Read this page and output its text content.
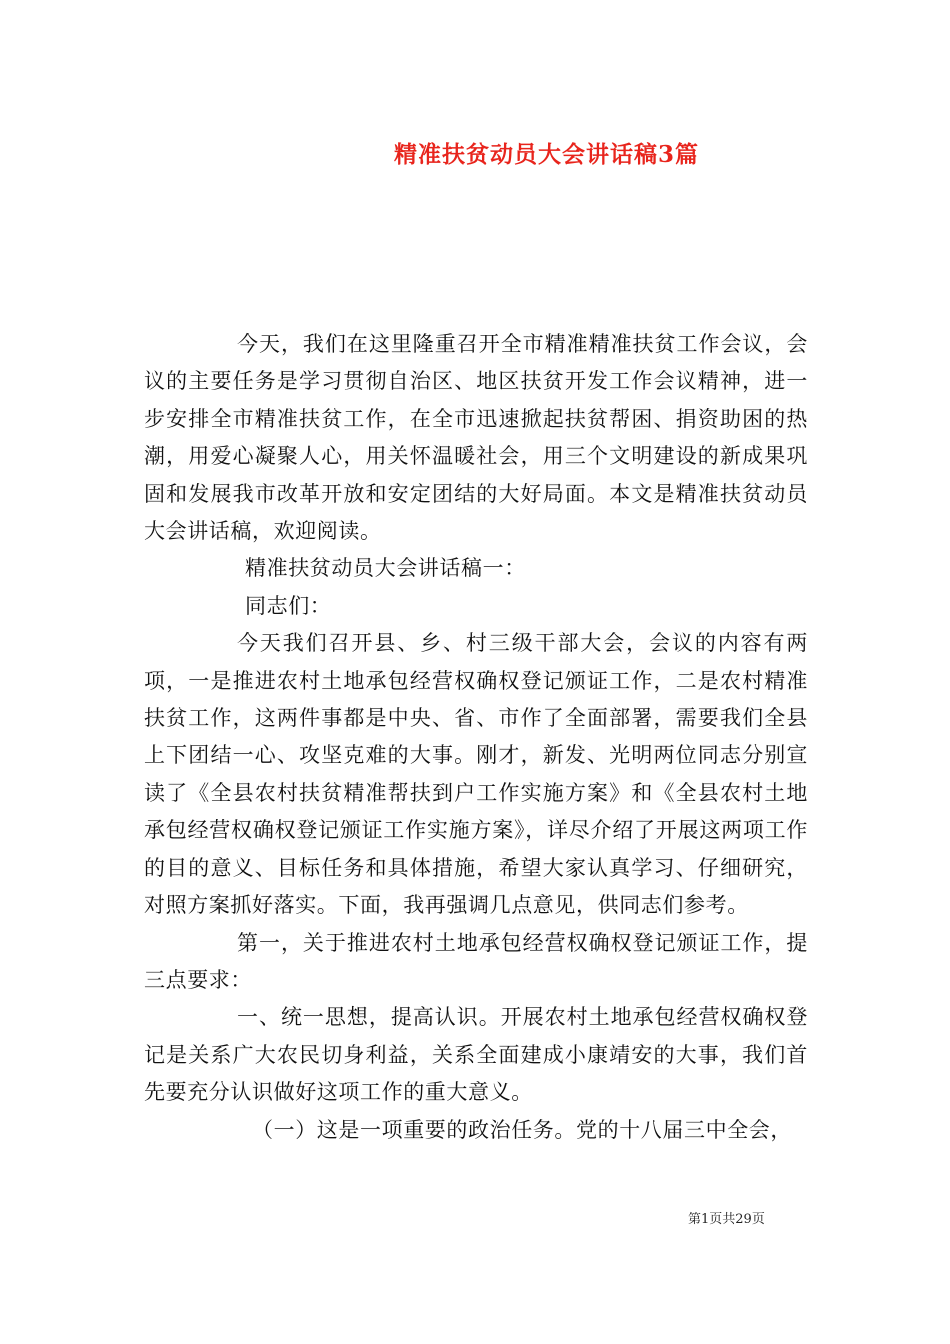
精准扶贫动员大会讲话稿3篇

今天，我们在这里隆重召开全市精准精准扶贫工作会议，会议的主要任务是学习贯彻自治区、地区扶贫开发工作会议精神，进一步安排全市精准扶贫工作，在全市迅速掀起扶贫帮困、捐资助困的热潮，用爱心凝聚人心，用关怀温暖社会，用三个文明建设的新成果巩固和发展我市改革开放和安定团结的大好局面。本文是精准扶贫动员大会讲话稿，欢迎阅读。

精准扶贫动员大会讲话稿一：

同志们：

今天我们召开县、乡、村三级干部大会，会议的内容有两项，一是推进农村土地承包经营权确权登记颁证工作，二是农村精准扶贫工作，这两件事都是中央、省、市作了全面部署，需要我们全县上下团结一心、攻坚克难的大事。刚才，新发、光明两位同志分别宣读了《全县农村扶贫精准帮扶到户工作实施方案》和《全县农村土地承包经营权确权登记颁证工作实施方案》，详尽介绍了开展这两项工作的目的意义、目标任务和具体措施，希望大家认真学习、仔细研究，对照方案抓好落实。下面，我再强调几点意见，供同志们参考。

第一，关于推进农村土地承包经营权确权登记颁证工作，提三点要求：

一、统一思想，提高认识。开展农村土地承包经营权确权登记是关系广大农民切身利益，关系全面建成小康靖安的大事，我们首先要充分认识做好这项工作的重大意义。

（一）这是一项重要的政治任务。党的十八届三中全会，

第1页共29页
